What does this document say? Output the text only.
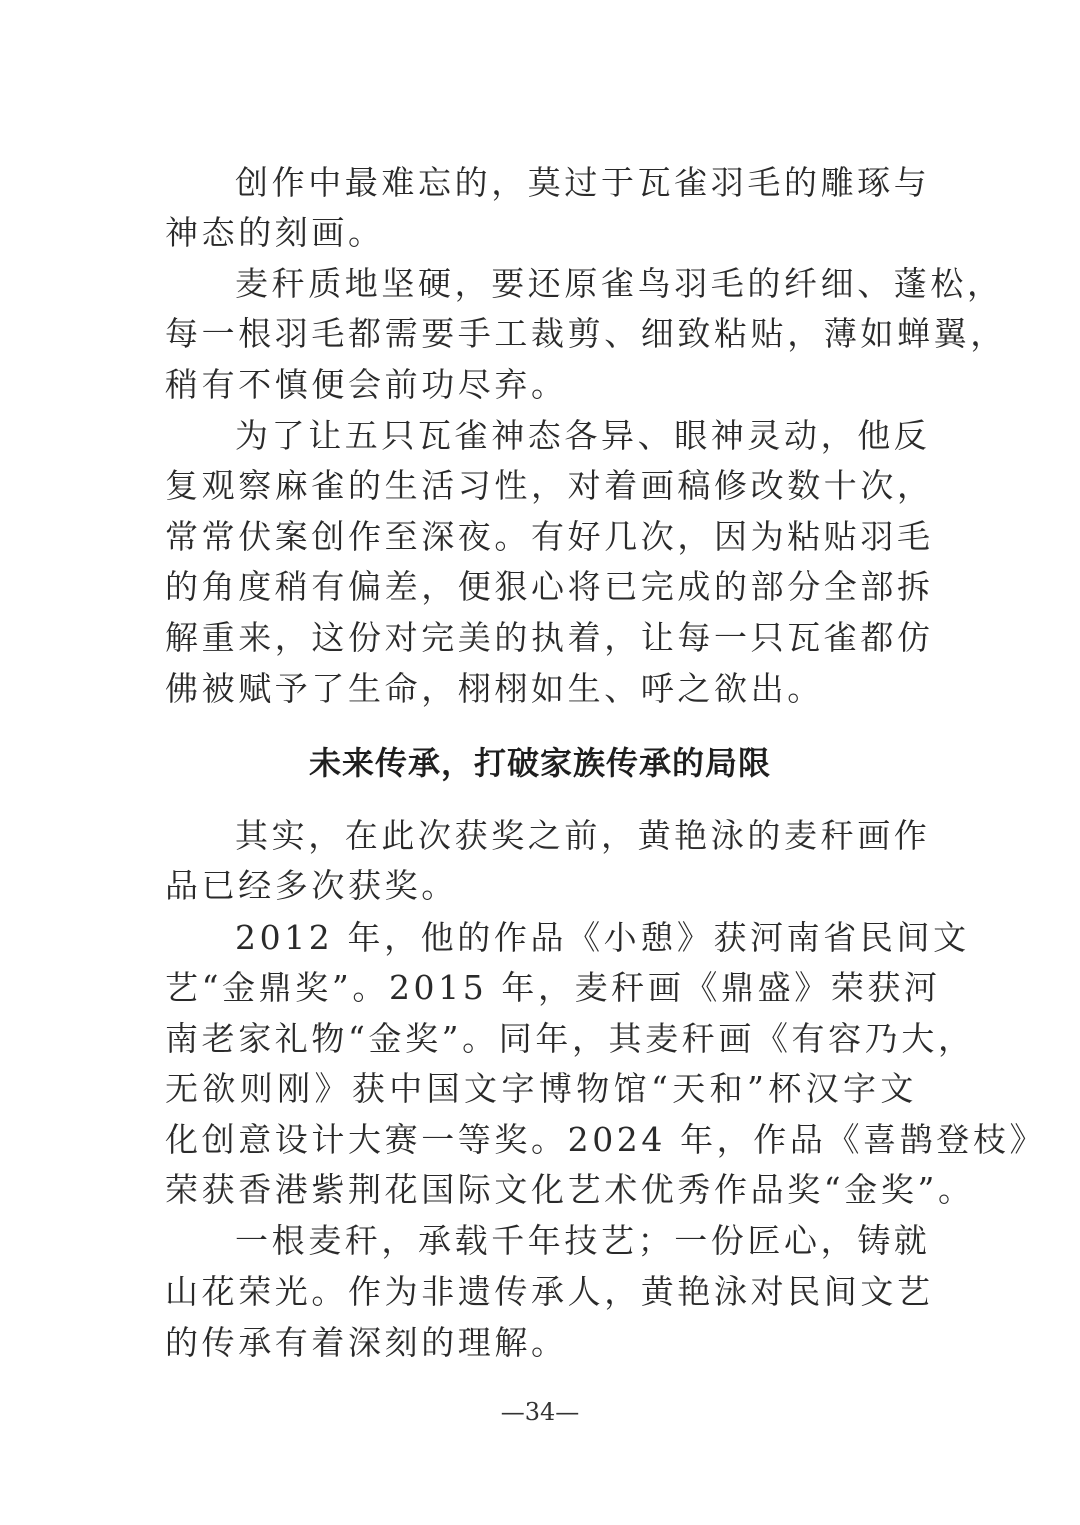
创作中最难忘的，莫过于瓦雀羽毛的雕琢与
神态的刻画。
麦秆质地坚硬，要还原雀鸟羽毛的纤细、蓬松，
每一根羽毛都需要手工裁剪、细致粘贴，薄如蝉翼，
稍有不慎便会前功尽弃。
为了让五只瓦雀神态各异、眼神灵动，他反
复观察麻雀的生活习性，对着画稿修改数十次，
常常伏案创作至深夜。有好几次，因为粘贴羽毛
的角度稍有偏差，便狠心将已完成的部分全部拆
解重来，这份对完美的执着，让每一只瓦雀都仿
佛被赋予了生命，栩栩如生、呼之欲出。
未来传承，打破家族传承的局限
其实，在此次获奖之前，黄艳泳的麦秆画作
品已经多次获奖。
2012 年，他的作品《小憩》获河南省民间文
艺“金鼎奖”。2015 年，麦秆画《鼎盛》荣获河
南老家礼物“金奖”。同年，其麦秆画《有容乃大，
无欲则刚》获中国文字博物馆“天和”杯汉字文
化创意设计大赛一等奖。2024 年，作品《喜鹊登枝》
荣获香港紫荆花国际文化艺术优秀作品奖“金奖”。
一根麦秆，承载千年技艺；一份匠心，铸就
山花荣光。作为非遗传承人，黄艳泳对民间文艺
的传承有着深刻的理解。
—34—
